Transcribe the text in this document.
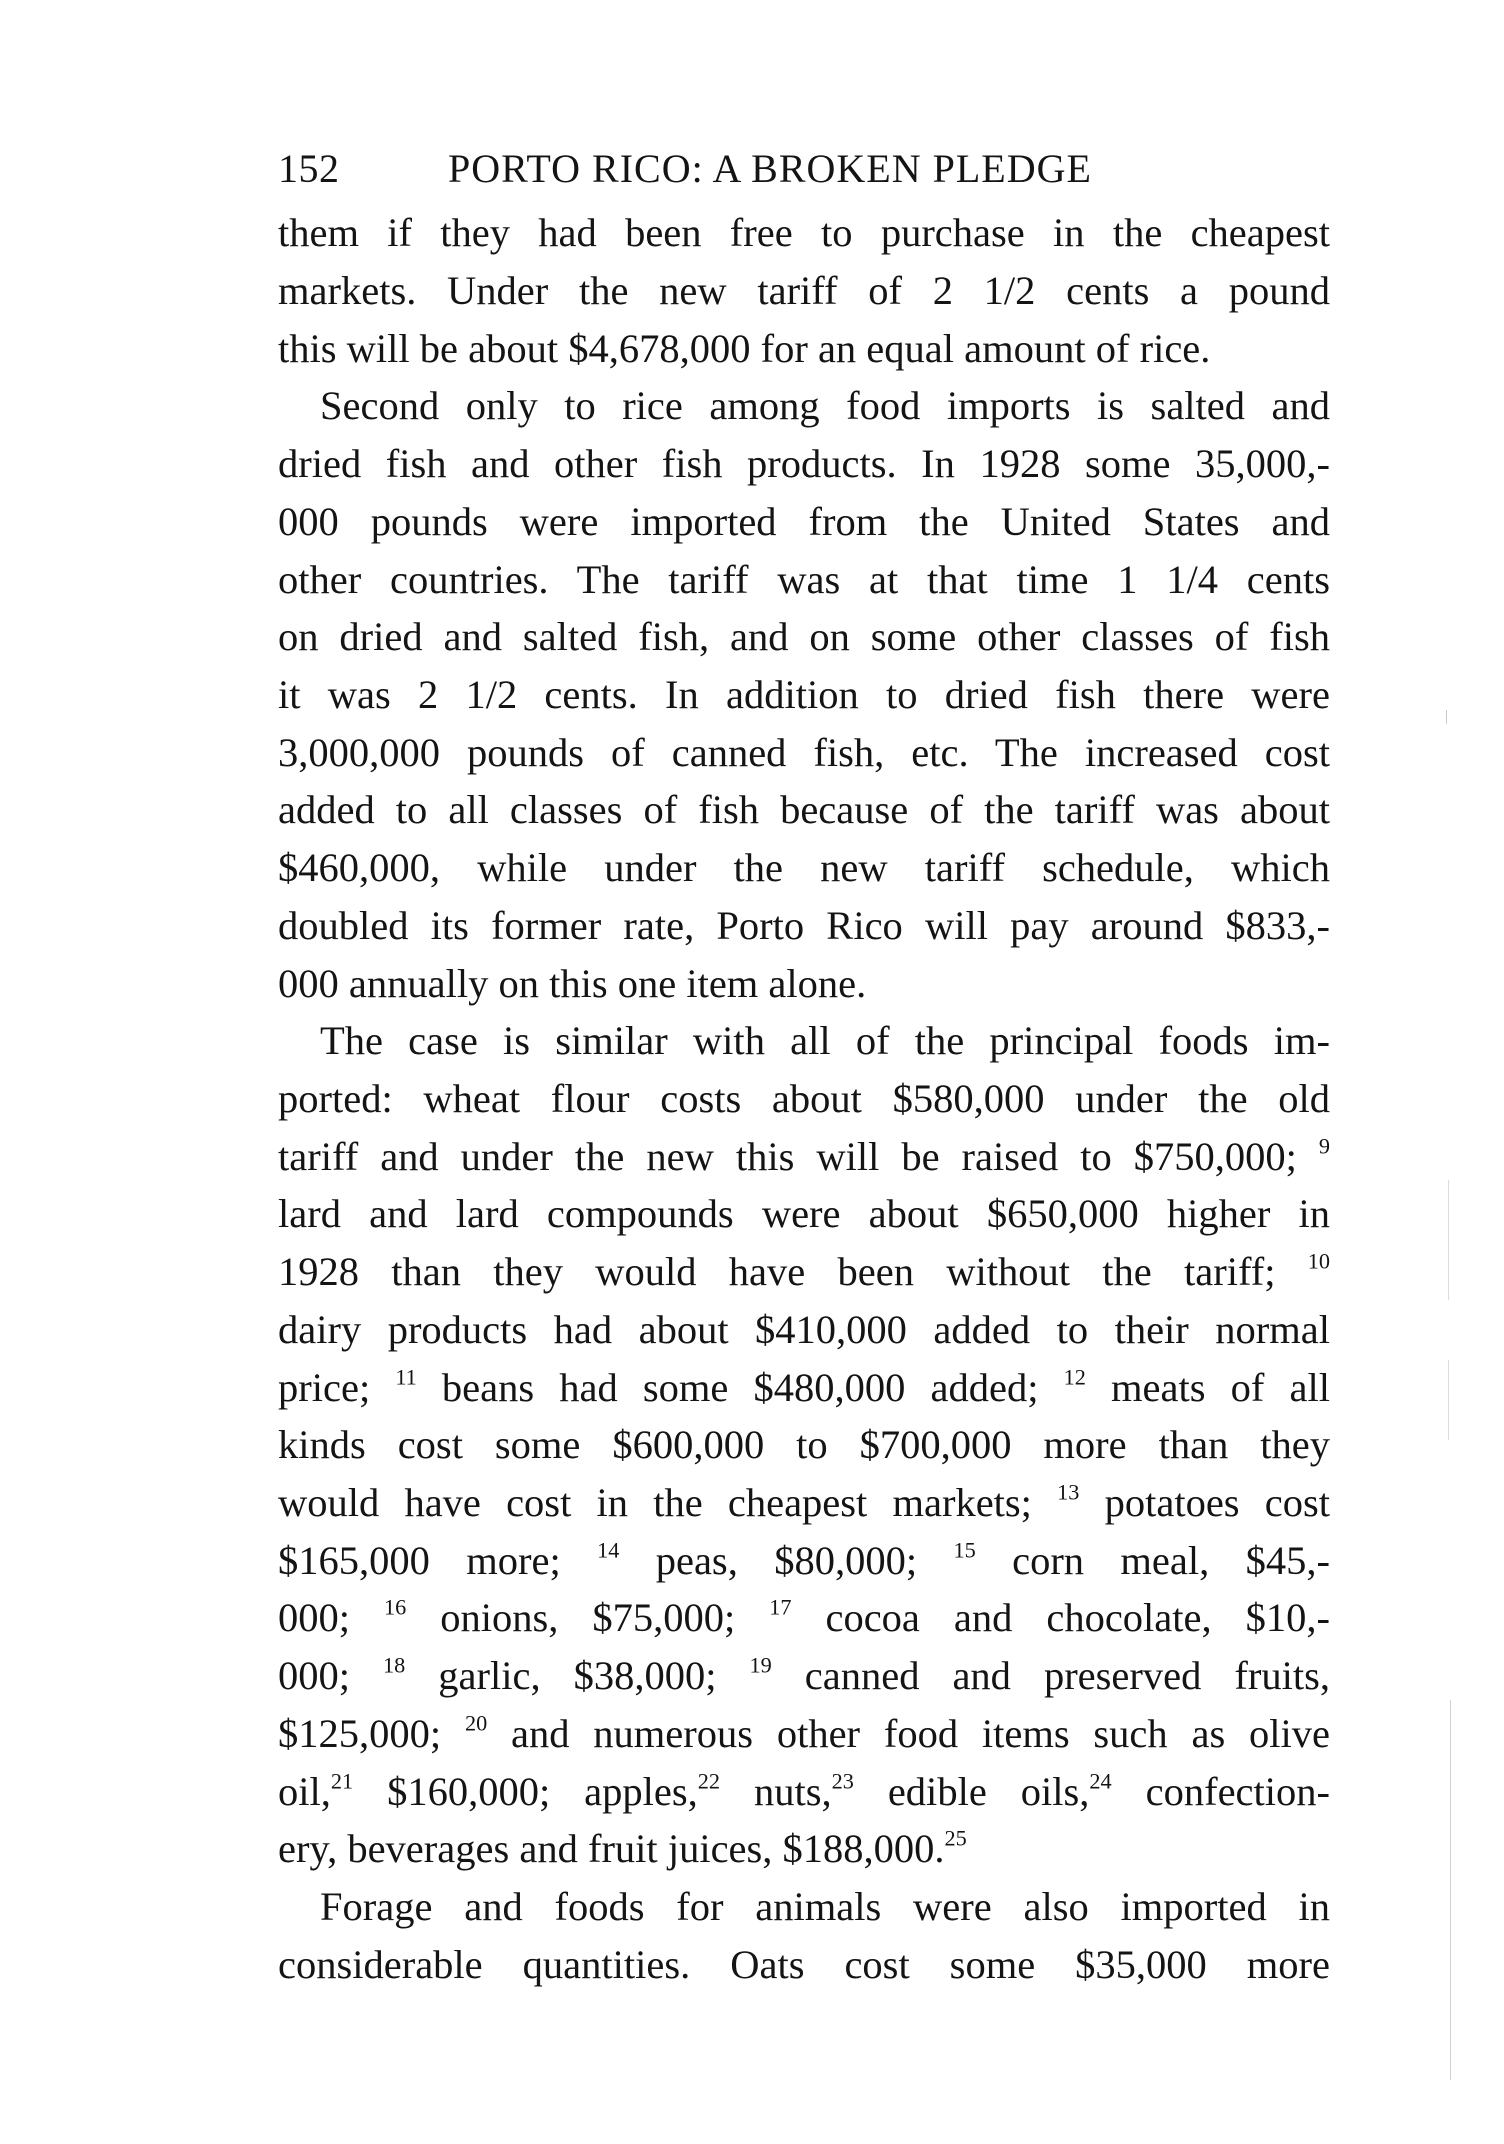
152	PORTO RICO: A BROKEN PLEDGE
them if they had been free to purchase in the cheapest
markets. Under the new tariff of 2 1/2 cents a pound
this will be about $4,678,000 for an equal amount of rice.
Second only to rice among food imports is salted and
dried fish and other fish products. In 1928 some 35,000,-
000 pounds were imported from the United States and
other countries. The tariff was at that time 1 1/4 cents
on dried and salted fish, and on some other classes of fish
it was 2 1/2 cents. In addition to dried fish there were
3,000,000 pounds of canned fish, etc. The increased cost
added to all classes of fish because of the tariff was about
$460,000, while under the new tariff schedule, which
doubled its former rate, Porto Rico will pay around $833,-
000 annually on this one item alone.
The case is similar with all of the principal foods im-
ported: wheat flour costs about $580,000 under the old
tariff and under the new this will be raised to $750,000; $^9$
lard and lard compounds were about $650,000 higher in
1928 than they would have been without the tariff; $^{10}$
dairy products had about $410,000 added to their normal
price; $^{11}$ beans had some $480,000 added; $^{12}$ meats of all
kinds cost some $600,000 to $700,000 more than they
would have cost in the cheapest markets; $^{13}$ potatoes cost
$165,000 more; $^{14}$ peas, $80,000; $^{15}$ corn meal, $45,-
000; $^{16}$ onions, $75,000; $^{17}$ cocoa and chocolate, $10,-
000; $^{18}$ garlic, $38,000; $^{19}$ canned and preserved fruits,
$125,000; $^{20}$ and numerous other food items such as olive
oil,$^{21}$ $160,000; apples,$^{22}$ nuts,$^{23}$ edible oils,$^{24}$ confection-
ery, beverages and fruit juices, $188,000.25
Forage and foods for animals were also imported in
considerable quantities. Oats cost some $35,000 more
